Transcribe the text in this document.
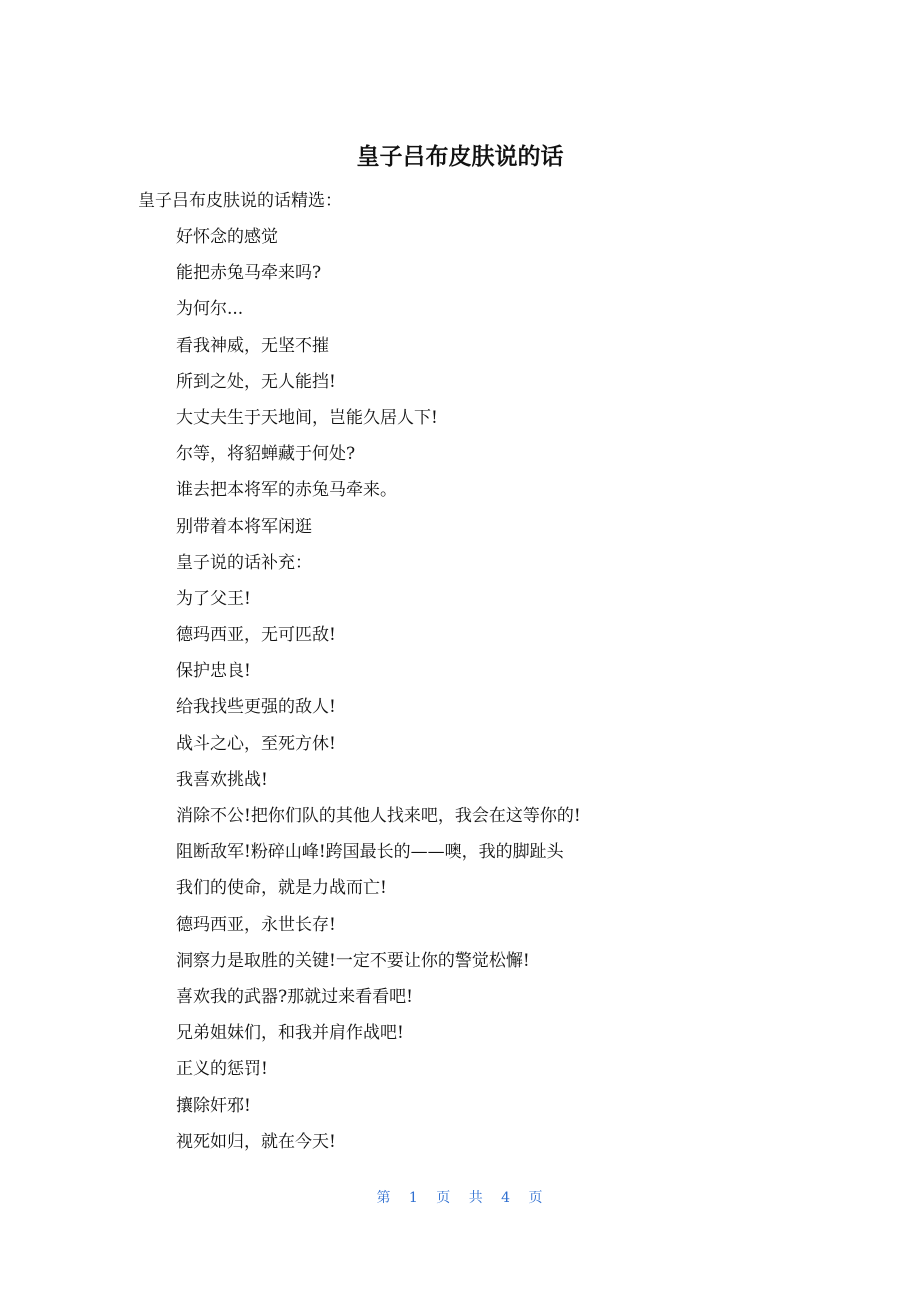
皇子吕布皮肤说的话
皇子吕布皮肤说的话精选：
好怀念的感觉
能把赤兔马牵来吗?
为何尔...
看我神威，无坚不摧
所到之处，无人能挡!
大丈夫生于天地间，岂能久居人下!
尔等，将貂蝉藏于何处?
谁去把本将军的赤兔马牵来。
别带着本将军闲逛
皇子说的话补充：
为了父王!
德玛西亚，无可匹敌!
保护忠良!
给我找些更强的敌人!
战斗之心，至死方休!
我喜欢挑战!
消除不公!把你们队的其他人找来吧，我会在这等你的!
阻断敌军!粉碎山峰!跨国最长的——噢，我的脚趾头
我们的使命，就是力战而亡!
德玛西亚，永世长存!
洞察力是取胜的关键!一定不要让你的警觉松懈!
喜欢我的武器?那就过来看看吧!
兄弟姐妹们，和我并肩作战吧!
正义的惩罚!
攘除奸邪!
视死如归，就在今天!
第 1 页 共 4 页
